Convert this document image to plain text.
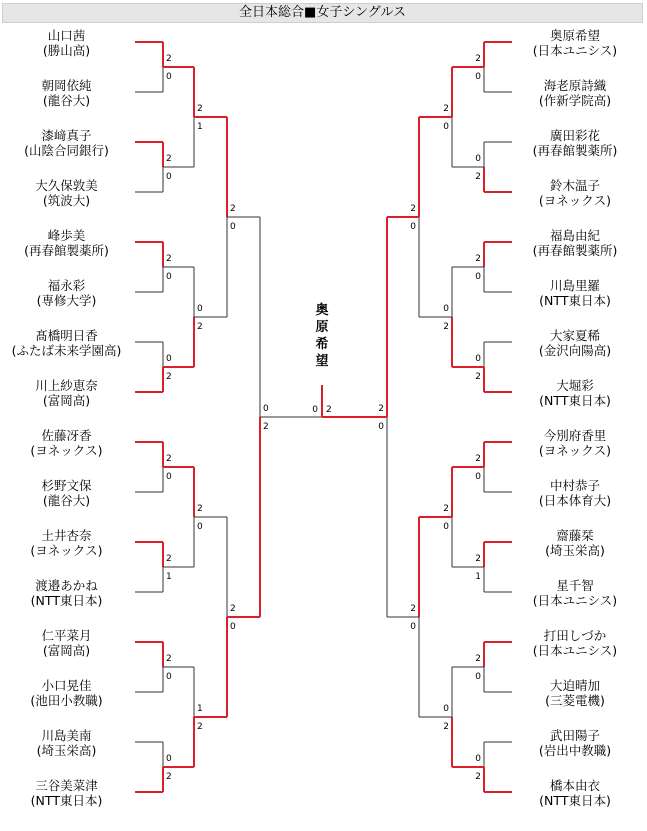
全日本総合■女子シングルス
山口茜
(勝山高)
朝岡依純
(龍谷大)
漆﨑真子
(山陰合同銀行)
大久保敦美
(筑波大)
峰歩美
(再春館製薬所)
福永彩
(専修大学)
髙橋明日香
(ふたば未来学園高)
川上紗恵奈
(富岡高)
佐藤冴香
(ヨネックス)
杉野文保
(龍谷大)
土井杏奈
(ヨネックス)
渡邉あかね
(NTT東日本)
仁平菜月
(富岡高)
小口晃佳
(池田小教職)
川島美南
(埼玉栄高)
三谷美菜津
(NTT東日本)
奥原希望
(日本ユニシス)
海老原詩織
(作新学院高)
廣田彩花
(再春館製薬所)
鈴木温子
(ヨネックス)
福島由紀
(再春館製薬所)
川島里羅
(NTT東日本)
大家夏稀
(金沢向陽高)
大堀彩
(NTT東日本)
今別府香里
(ヨネックス)
中村恭子
(日本体育大)
齋藤栞
(埼玉栄高)
星千智
(日本ユニシス)
打田しづか
(日本ユニシス)
大迫晴加
(三菱電機)
武田陽子
(岩出中教職)
橋本由衣
(NTT東日本)
奥
原
希
望
2
0
2
0
2
0
0
2
2
0
2
1
2
0
0
2
2
1
0
2
2
0
1
2
2
0
2
0
0
2
2
0
0
2
2
0
0
2
2
0
2
1
2
0
0
2
2
0
0
2
2
0
0
2
2
0
2
0
2
0
0 2
